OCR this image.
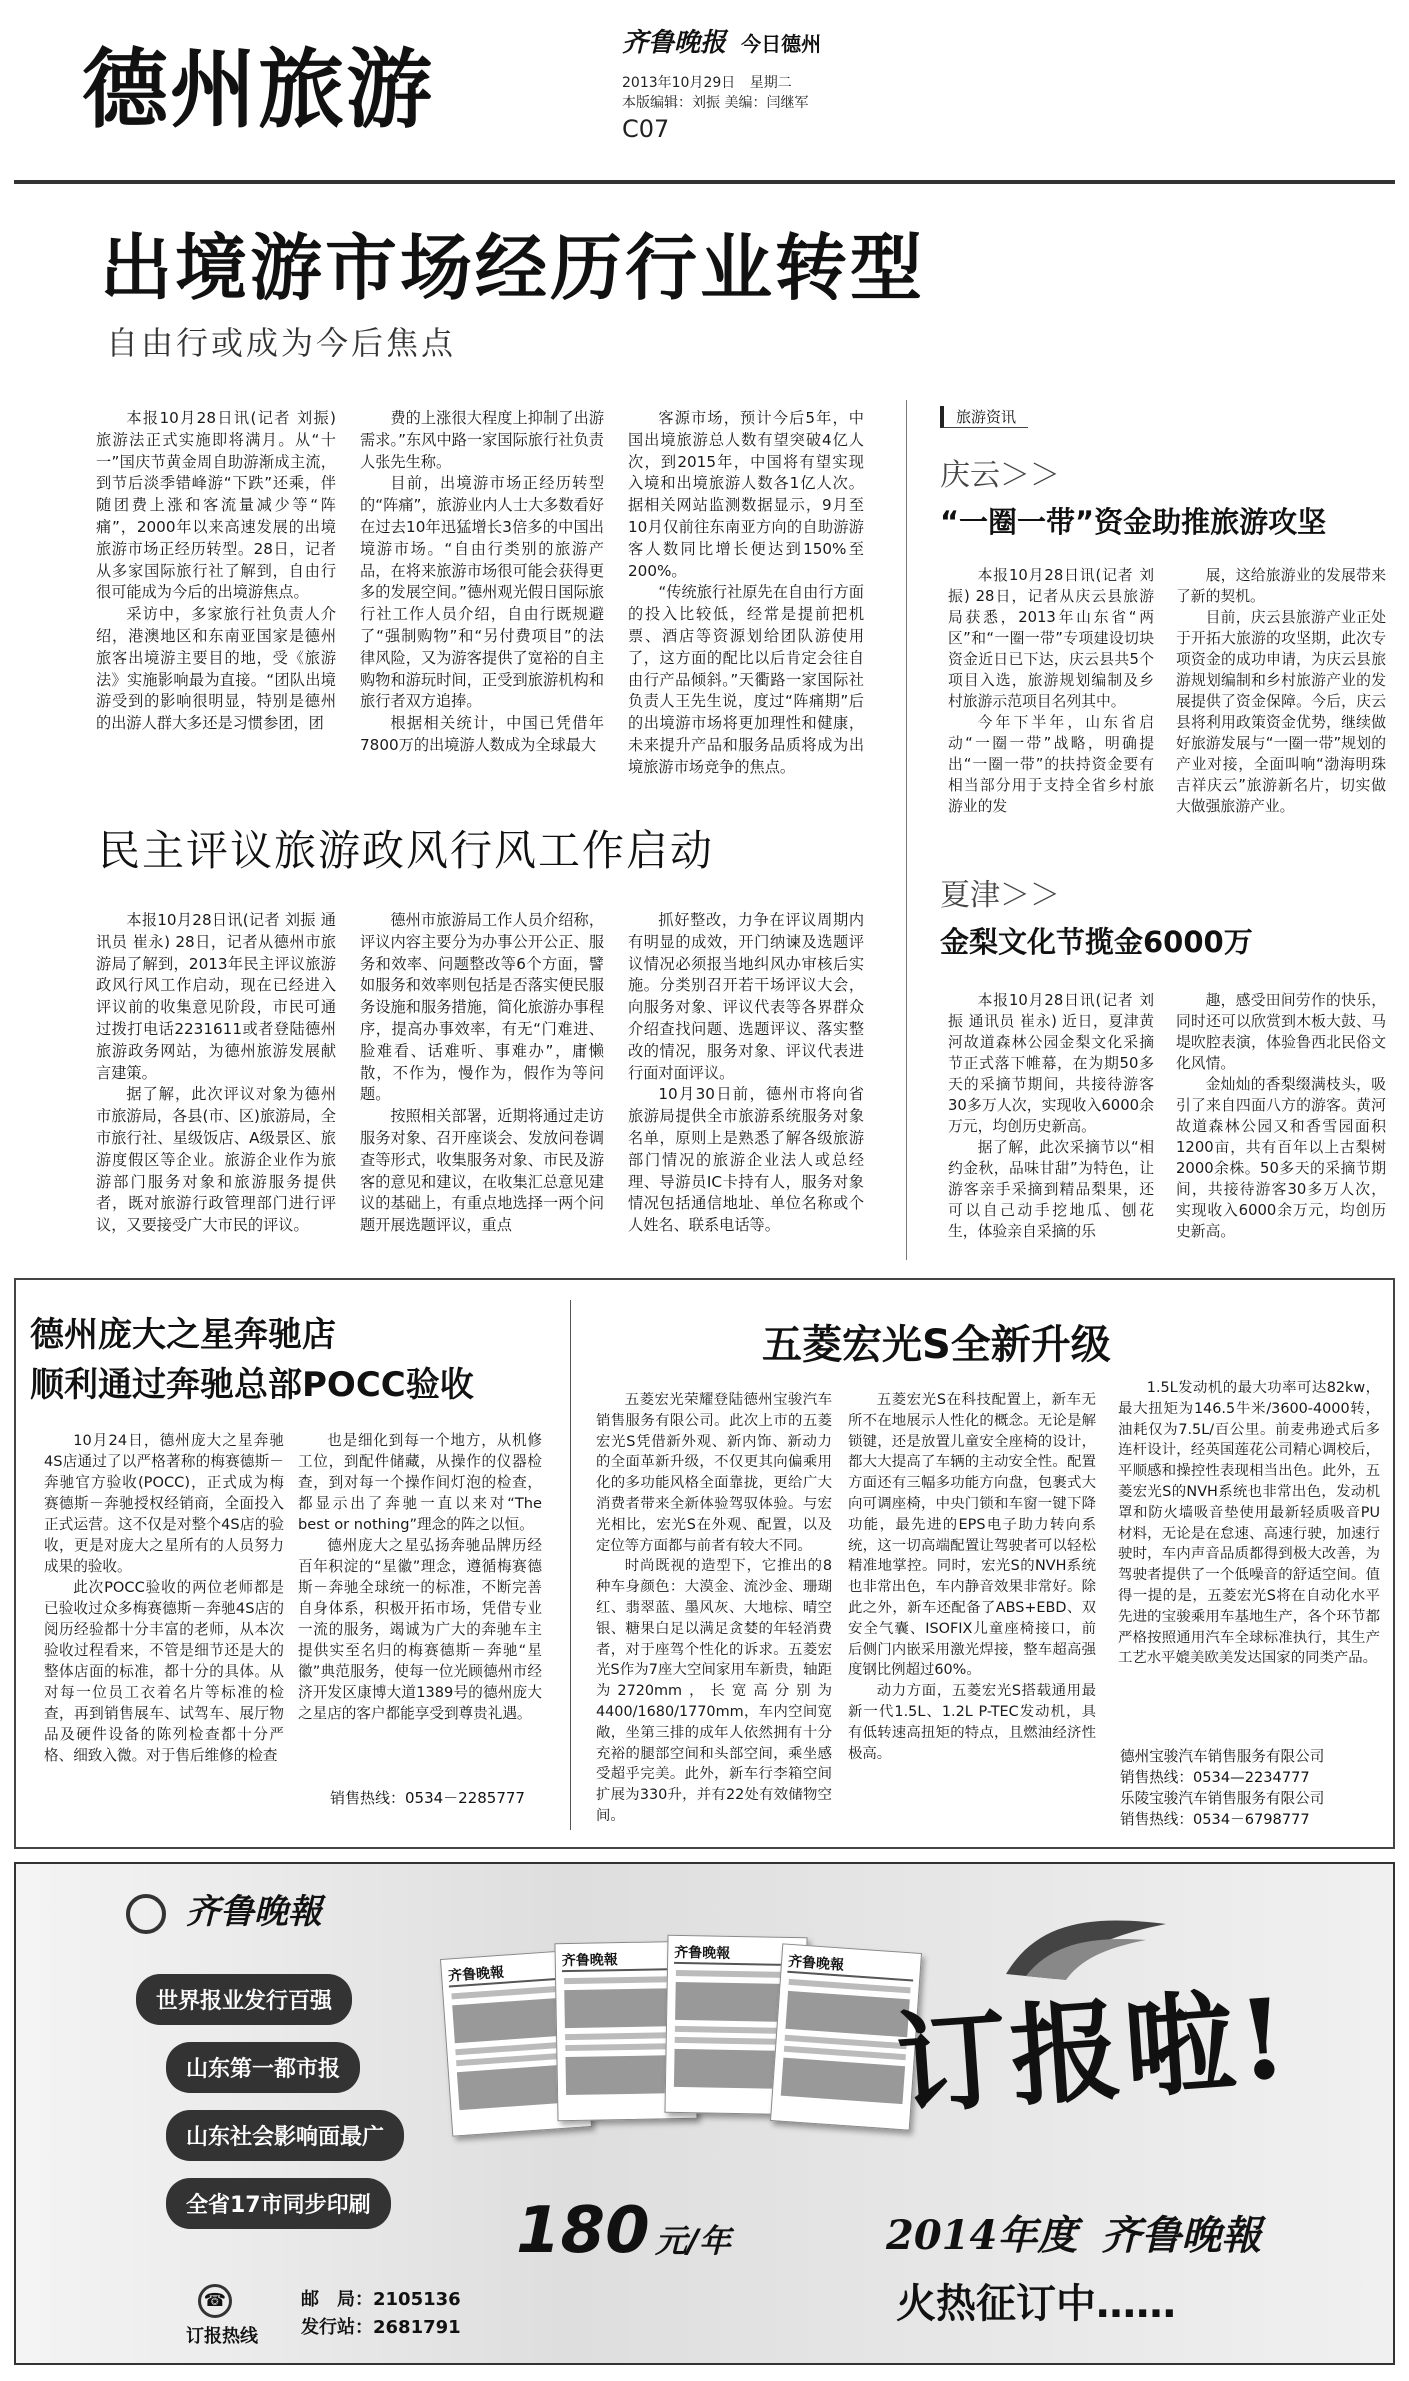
德州旅游	齐鲁晚报 今日德州
2013年10月29日 星期二
本版编辑：刘振 美编：闫继军
C07
出境游市场经历行业转型
自由行或成为今后焦点

本报10月28日讯(记者 刘振) 旅游法正式实施即将满月。从“十一”国庆节黄金周自助游渐成主流，到节后淡季错峰游“下跌”还乘，伴随团费上涨和客流量减少等“阵痛”，2000年以来高速发展的出境旅游市场正经历转型。28日，记者从多家国际旅行社了解到，自由行很可能成为今后的出境游焦点。

采访中，多家旅行社负责人介绍，港澳地区和东南亚国家是德州旅客出境游主要目的地，受《旅游法》实施影响最为直接。“团队出境游受到的影响很明显，特别是德州的出游人群大多还是习惯参团，团

费的上涨很大程度上抑制了出游需求。”东风中路一家国际旅行社负责人张先生称。

目前，出境游市场正经历转型的“阵痛”，旅游业内人士大多数看好在过去10年迅猛增长3倍多的中国出境游市场。“自由行类别的旅游产品，在将来旅游市场很可能会获得更多的发展空间。”德州观光假日国际旅行社工作人员介绍，自由行既规避了“强制购物”和“另付费项目”的法律风险，又为游客提供了宽裕的自主购物和游玩时间，正受到旅游机构和旅行者双方追捧。

根据相关统计，中国已凭借年7800万的出境游人数成为全球最大

客源市场，预计今后5年，中国出境旅游总人数有望突破4亿人次，到2015年，中国将有望实现入境和出境旅游人数各1亿人次。据相关网站监测数据显示，9月至10月仅前往东南亚方向的自助游游客人数同比增长便达到150%至200%。

“传统旅行社原先在自由行方面的投入比较低，经常是提前把机票、酒店等资源划给团队游使用了，这方面的配比以后肯定会往自由行产品倾斜。”天衢路一家国际社负责人王先生说，度过“阵痛期”后的出境游市场将更加理性和健康，未来提升产品和服务品质将成为出境旅游市场竞争的焦点。

民主评议旅游政风行风工作启动

本报10月28日讯(记者 刘振 通讯员 崔永) 28日，记者从德州市旅游局了解到，2013年民主评议旅游政风行风工作启动，现在已经进入评议前的收集意见阶段，市民可通过拨打电话2231611或者登陆德州旅游政务网站，为德州旅游发展献言建策。

据了解，此次评议对象为德州市旅游局，各县(市、区)旅游局，全市旅行社、星级饭店、A级景区、旅游度假区等企业。旅游企业作为旅游部门服务对象和旅游服务提供者，既对旅游行政管理部门进行评议，又要接受广大市民的评议。

德州市旅游局工作人员介绍称，评议内容主要分为办事公开公正、服务和效率、问题整改等6个方面，譬如服务和效率则包括是否落实便民服务设施和服务措施，简化旅游办事程序，提高办事效率，有无“门难进、脸难看、话难听、事难办”，庸懒散，不作为，慢作为，假作为等问题。

按照相关部署，近期将通过走访服务对象、召开座谈会、发放问卷调查等形式，收集服务对象、市民及游客的意见和建议，在收集汇总意见建议的基础上，有重点地选择一两个问题开展选题评议，重点

抓好整改，力争在评议周期内有明显的成效，开门纳谏及选题评议情况必须报当地纠风办审核后实施。分类别召开若干场评议大会，向服务对象、评议代表等各界群众介绍查找问题、选题评议、落实整改的情况，服务对象、评议代表进行面对面评议。

10月30日前，德州市将向省旅游局提供全市旅游系统服务对象名单，原则上是熟悉了解各级旅游部门情况的旅游企业法人或总经理、导游员IC卡持有人，服务对象情况包括通信地址、单位名称或个人姓名、联系电话等。

旅游资讯
庆云＞＞
“一圈一带”资金助推旅游攻坚

本报10月28日讯(记者 刘振) 28日，记者从庆云县旅游局获悉，2013年山东省“两区”和“一圈一带”专项建设切块资金近日已下达，庆云县共5个项目入选，旅游规划编制及乡村旅游示范项目名列其中。

今年下半年，山东省启动“一圈一带”战略，明确提出“一圈一带”的扶持资金要有相当部分用于支持全省乡村旅游业的发

展，这给旅游业的发展带来了新的契机。

目前，庆云县旅游产业正处于开拓大旅游的攻坚期，此次专项资金的成功申请，为庆云县旅游规划编制和乡村旅游产业的发展提供了资金保障。今后，庆云县将利用政策资金优势，继续做好旅游发展与“一圈一带”规划的产业对接，全面叫响“渤海明珠 吉祥庆云”旅游新名片，切实做大做强旅游产业。

夏津＞＞
金梨文化节揽金6000万

本报10月28日讯(记者 刘振 通讯员 崔永) 近日，夏津黄河故道森林公园金梨文化采摘节正式落下帷幕，在为期50多天的采摘节期间，共接待游客30多万人次，实现收入6000余万元，均创历史新高。

据了解，此次采摘节以“相约金秋，品味甘甜”为特色，让游客亲手采摘到精品梨果，还可以自己动手挖地瓜、刨花生，体验亲自采摘的乐

趣，感受田间劳作的快乐，同时还可以欣赏到木板大鼓、马堤吹腔表演，体验鲁西北民俗文化风情。

金灿灿的香梨缀满枝头，吸引了来自四面八方的游客。黄河故道森林公园又和香雪园面积1200亩，共有百年以上古梨树2000余株。50多天的采摘节期间，共接待游客30多万人次，实现收入6000余万元，均创历史新高。

德州庞大之星奔驰店
顺利通过奔驰总部POCC验收

10月24日，德州庞大之星奔驰4S店通过了以严格著称的梅赛德斯－奔驰官方验收(POCC)，正式成为梅赛德斯－奔驰授权经销商，全面投入正式运营。这不仅是对整个4S店的验收，更是对庞大之星所有的人员努力成果的验收。

此次POCC验收的两位老师都是已验收过众多梅赛德斯－奔驰4S店的阅历经验都十分丰富的老师，从本次验收过程看来，不管是细节还是大的整体店面的标准，都十分的具体。从对每一位员工衣着名片等标准的检查，再到销售展车、试驾车、展厅物品及硬件设备的陈列检查都十分严格、细致入微。对于售后维修的检查

也是细化到每一个地方，从机修工位，到配件储藏，从操作的仪器检查，到对每一个操作间灯泡的检查，都显示出了奔驰一直以来对“The best or nothing”理念的阵之以恒。

德州庞大之星弘扬奔驰品牌历经百年积淀的“星徽”理念，遵循梅赛德斯－奔驰全球统一的标准，不断完善自身体系，积极开拓市场，凭借专业一流的服务，竭诚为广大的奔驰车主提供实至名归的梅赛德斯－奔驰“星徽”典范服务，使每一位光顾德州市经济开发区康博大道1389号的德州庞大之星店的客户都能享受到尊贵礼遇。

销售热线：0534－2285777
五菱宏光S全新升级

五菱宏光荣耀登陆德州宝骏汽车销售服务有限公司。此次上市的五菱宏光S凭借新外观、新内饰、新动力的全面革新升级，不仅更其向偏乘用化的多功能风格全面靠拢，更给广大消费者带来全新体验驾驭体验。与宏光相比，宏光S在外观、配置，以及定位等方面都与前者有较大不同。

时尚既视的造型下，它推出的8种车身颜色：大漠金、流沙金、珊瑚红、翡翠蓝、墨风灰、大地棕、晴空银、糖果白足以满足贪婪的年轻消费者，对于座驾个性化的诉求。五菱宏光S作为7座大空间家用车新贵，轴距为2720mm，长宽高分别为4400/1680/1770mm，车内空间宽敞，坐第三排的成年人依然拥有十分充裕的腿部空间和头部空间，乘坐感受超乎完美。此外，新车行李箱空间扩展为330升，并有22处有效储物空间。

五菱宏光S在科技配置上，新车无所不在地展示人性化的概念。无论是解锁键，还是放置儿童安全座椅的设计，都大大提高了车辆的主动安全性。配置方面还有三幅多功能方向盘，包裹式大向可调座椅，中央门锁和车窗一键下降功能，最先进的EPS电子助力转向系统，这一切高端配置让驾驶者可以轻松精准地掌控。同时，宏光S的NVH系统也非常出色，车内静音效果非常好。除此之外，新车还配备了ABS+EBD、双安全气囊、ISOFIX儿童座椅接口，前后侧门内嵌采用激光焊接，整车超高强度钢比例超过60%。

动力方面，五菱宏光S搭载通用最新一代1.5L、1.2L P-TEC发动机，具有低转速高扭矩的特点，且燃油经济性极高。

1.5L发动机的最大功率可达82kw，最大扭矩为146.5牛米/3600-4000转，油耗仅为7.5L/百公里。前麦弗逊式后多连杆设计，经英国莲花公司精心调校后，平顺感和操控性表现相当出色。此外，五菱宏光S的NVH系统也非常出色，发动机罩和防火墙吸音垫使用最新轻质吸音PU材料，无论是在怠速、高速行驶，加速行驶时，车内声音品质都得到极大改善，为驾驶者提供了一个低噪音的舒适空间。值得一提的是，五菱宏光S将在自动化水平先进的宝骏乘用车基地生产，各个环节都严格按照通用汽车全球标准执行，其生产工艺水平媲美欧美发达国家的同类产品。

德州宝骏汽车销售服务有限公司
销售热线：0534—2234777
乐陵宝骏汽车销售服务有限公司
销售热线：0534－6798777
齐鲁晚報
世界报业发行百强
山东第一都市报
山东社会影响面最广
全省17市同步印刷
齐鲁晚報
齐鲁晚報	齐鲁晚報
齐鲁晚報
180 元/年
☎
订报热线
邮　局：2105136
发行站：2681791
订报啦!
2014年度 齐鲁晚報
火热征订中……
